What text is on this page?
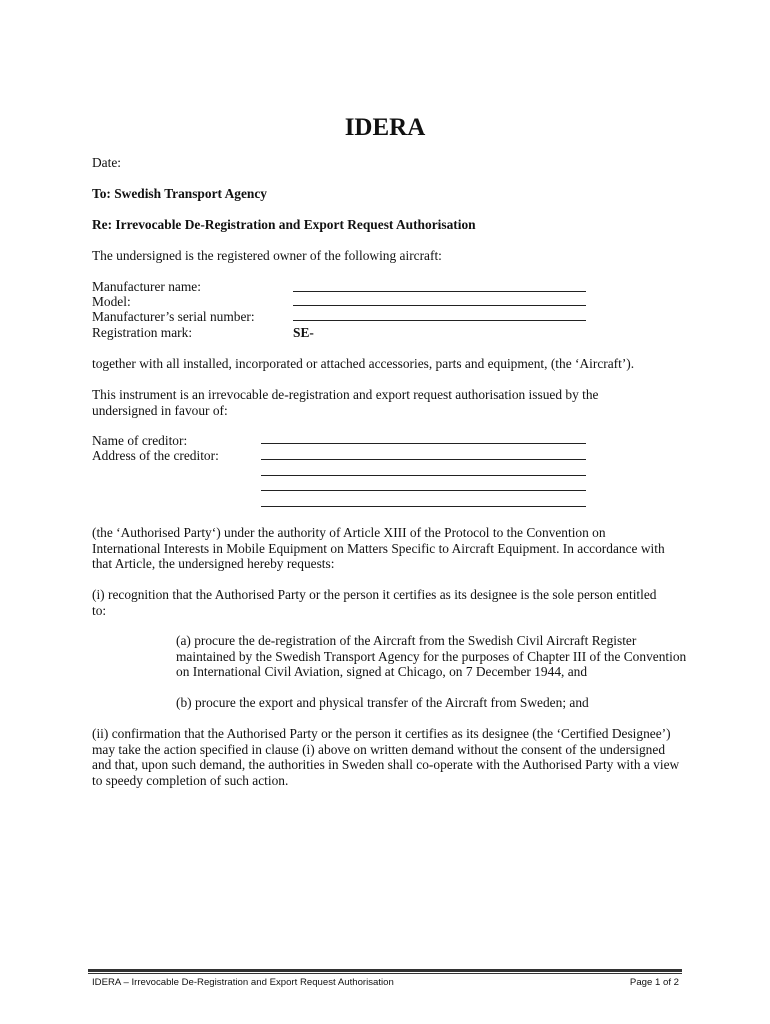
IDERA
Date:
To: Swedish Transport Agency
Re: Irrevocable De-Registration and Export Request Authorisation
The undersigned is the registered owner of the following aircraft:
Manufacturer name:
Model:
Manufacturer’s serial number:
Registration mark:	SE-
together with all installed, incorporated or attached accessories, parts and equipment, (the ‘Aircraft’).
This instrument is an irrevocable de-registration and export request authorisation issued by the undersigned in favour of:
Name of creditor:
Address of the creditor:
(the ‘Authorised Party‘) under the authority of Article XIII of the Protocol to the Convention on International Interests in Mobile Equipment on Matters Specific to Aircraft Equipment. In accordance with that Article, the undersigned hereby requests:
(i) recognition that the Authorised Party or the person it certifies as its designee is the sole person entitled to:
(a) procure the de-registration of the Aircraft from the Swedish Civil Aircraft Register maintained by the Swedish Transport Agency for the purposes of Chapter III of the Convention on International Civil Aviation, signed at Chicago, on 7 December 1944, and
(b) procure the export and physical transfer of the Aircraft from Sweden; and
(ii) confirmation that the Authorised Party or the person it certifies as its designee (the ‘Certified Designee’) may take the action specified in clause (i) above on written demand without the consent of the undersigned and that, upon such demand, the authorities in Sweden shall co-operate with the Authorised Party with a view to speedy completion of such action.
IDERA – Irrevocable De-Registration and Export Request Authorisation	Page 1 of 2
